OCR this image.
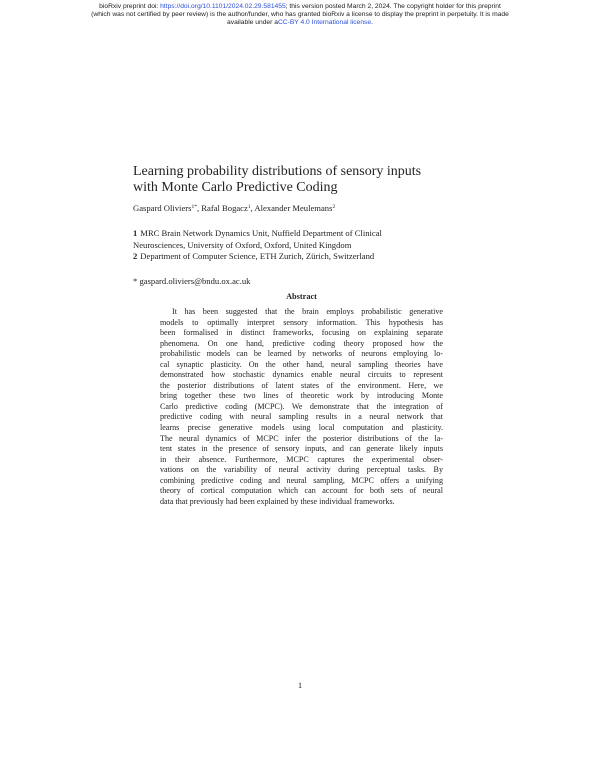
bioRxiv preprint doi: https://doi.org/10.1101/2024.02.29.581455; this version posted March 2, 2024. The copyright holder for this preprint
(which was not certified by peer review) is the author/funder, who has granted bioRxiv a license to display the preprint in perpetuity. It is made
available under aCC-BY 4.0 International license.
Learning probability distributions of sensory inputs
with Monte Carlo Predictive Coding
Gaspard Oliviers$^{1*}$, Rafal Bogacz$^1$, Alexander Meulemans$^2$
1 MRC Brain Network Dynamics Unit, Nuffield Department of Clinical
Neurosciences, University of Oxford, Oxford, United Kingdom
2 Department of Computer Science, ETH Zurich, Zürich, Switzerland
* gaspard.oliviers@bndu.ox.ac.uk
Abstract
It has been suggested that the brain employs probabilistic generative
models to optimally interpret sensory information. This hypothesis has
been formalised in distinct frameworks, focusing on explaining separate
phenomena. On one hand, predictive coding theory proposed how the
probabilistic models can be learned by networks of neurons employing lo-
cal synaptic plasticity. On the other hand, neural sampling theories have
demonstrated how stochastic dynamics enable neural circuits to represent
the posterior distributions of latent states of the environment. Here, we
bring together these two lines of theoretic work by introducing Monte
Carlo predictive coding (MCPC). We demonstrate that the integration of
predictive coding with neural sampling results in a neural network that
learns precise generative models using local computation and plasticity.
The neural dynamics of MCPC infer the posterior distributions of the la-
tent states in the presence of sensory inputs, and can generate likely inputs
in their absence. Furthermore, MCPC captures the experimental obser-
vations on the variability of neural activity during perceptual tasks. By
combining predictive coding and neural sampling, MCPC offers a unifying
theory of cortical computation which can account for both sets of neural
data that previously had been explained by these individual frameworks.
1
